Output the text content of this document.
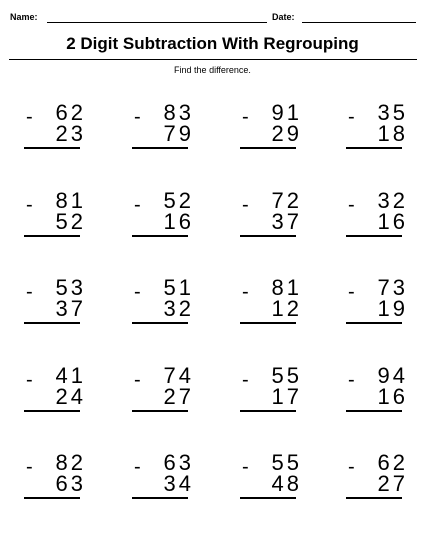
Name:	Date:
2 Digit Subtraction With Regrouping
Find the difference.
- 62
23
- 83
79
- 91
29
- 35
18
- 81
52
- 52
16
- 72
37
- 32
16
- 53
37
- 51
32
- 81
12
- 73
19
- 41
24
- 74
27
- 55
17
- 94
16
- 82
63
- 63
34
- 55
48
- 62
27
